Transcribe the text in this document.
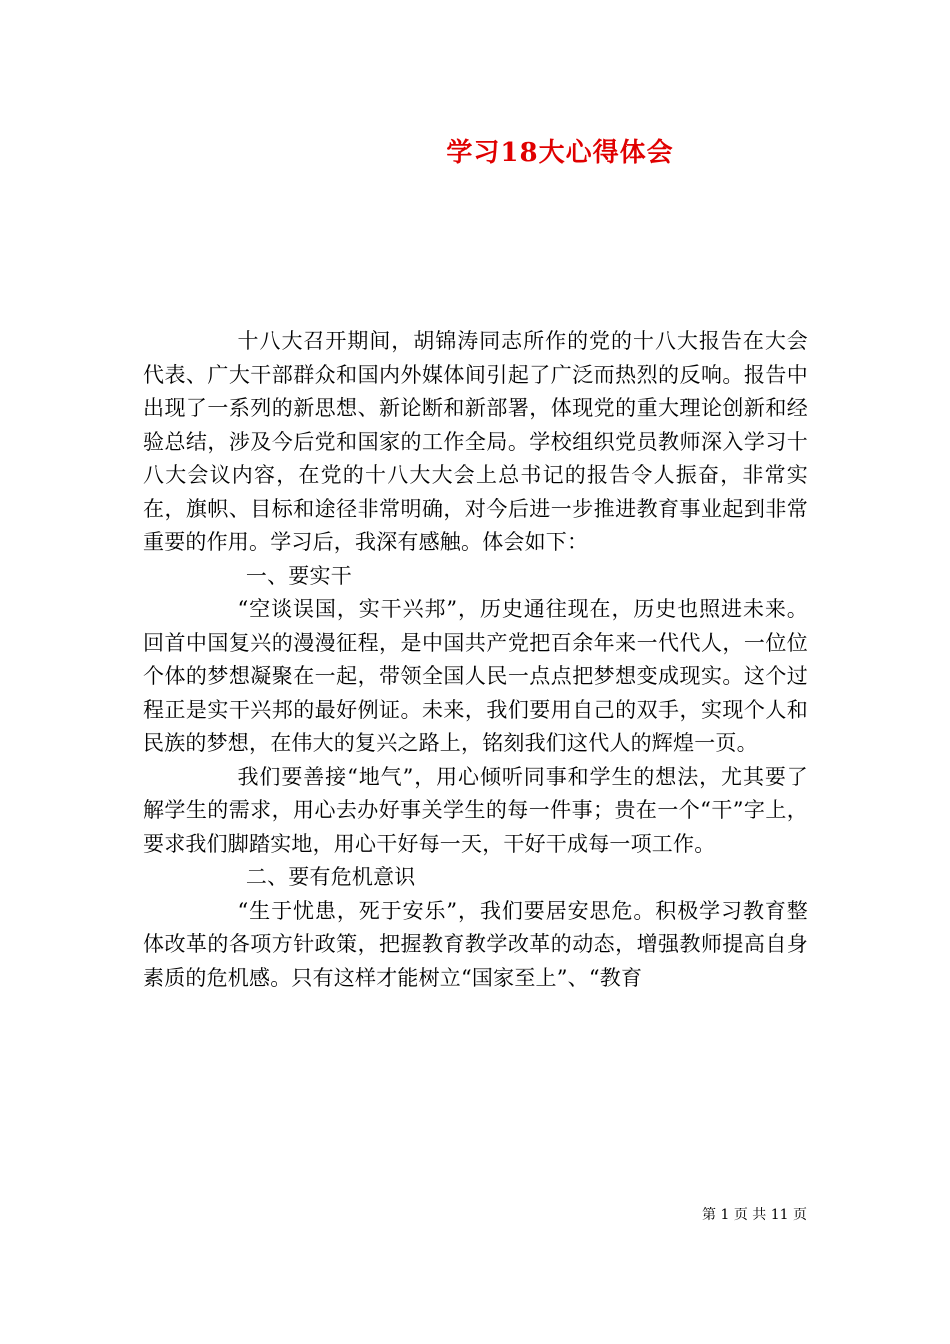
学习18大心得体会

十八大召开期间，胡锦涛同志所作的党的十八大报告在大会代表、广大干部群众和国内外媒体间引起了广泛而热烈的反响。报告中出现了一系列的新思想、新论断和新部署，体现党的重大理论创新和经验总结，涉及今后党和国家的工作全局。学校组织党员教师深入学习十八大会议内容，在党的十八大大会上总书记的报告令人振奋，非常实在，旗帜、目标和途径非常明确，对今后进一步推进教育事业起到非常重要的作用。学习后，我深有感触。体会如下：

一、要实干

“空谈误国，实干兴邦”，历史通往现在，历史也照进未来。回首中国复兴的漫漫征程，是中国共产党把百余年来一代代人，一位位个体的梦想凝聚在一起，带领全国人民一点点把梦想变成现实。这个过程正是实干兴邦的最好例证。未来，我们要用自己的双手，实现个人和民族的梦想，在伟大的复兴之路上，铭刻我们这代人的辉煌一页。

我们要善接“地气”，用心倾听同事和学生的想法，尤其要了解学生的需求，用心去办好事关学生的每一件事；贵在一个“干”字上，要求我们脚踏实地，用心干好每一天，干好干成每一项工作。

二、要有危机意识

“生于忧患，死于安乐”，我们要居安思危。积极学习教育整体改革的各项方针政策，把握教育教学改革的动态，增强教师提高自身素质的危机感。只有这样才能树立“国家至上”、“教育

第 1 页 共 11 页
